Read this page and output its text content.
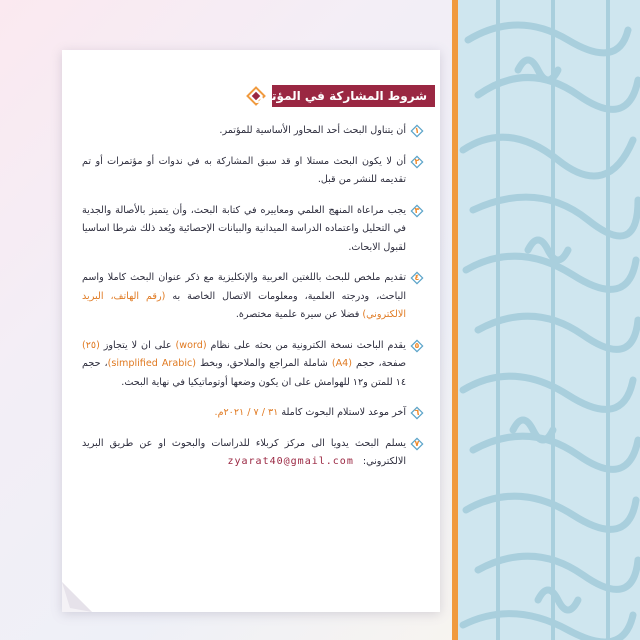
شروط المشاركة في المؤتمر
١
أن يتناول البحث أحد المحاور الأساسية للمؤتمر.
٢
أن لا يكون البحث مستلا او قد سبق المشاركة به في ندوات أو مؤتمرات أو تم تقديمه للنشر من قبل.
٣
يجب مراعاة المنهج العلمي ومعاييره في كتابة البحث، وأن يتميز بالأصالة والجدية في التحليل واعتماده الدراسة الميدانية والبيانات الإحصائية ويُعد ذلك شرطا اساسيا لقبول الابحاث.
٤
تقديم ملخص للبحث باللغتين العربية والإنكليزية مع ذكر عنوان البحث كاملا واسم الباحث، ودرجته العلمية، ومعلومات الاتصال الخاصة به (رقم الهاتف، البريد الالكتروني) فضلا عن سيرة علمية مختصرة.
٥
يقدم الباحث نسخة الكترونية من بحثه على نظام (word) على ان لا يتجاوز (٢٥) صفحة، حجم (A4) شاملة المراجع والملاحق، وبخط (simplified Arabic)، حجم ١٤ للمتن و١٢ للهوامش على ان يكون وضعها أوتوماتيكيا في نهاية البحث.
٦
آخر موعد لاستلام البحوث كاملة ٣١ / ٧ / ٢٠٢١م.
٧
يسلم البحث يدويا الى مركز كربلاء للدراسات والبحوث او عن طريق البريد الالكتروني: zyarat40@gmail.com
